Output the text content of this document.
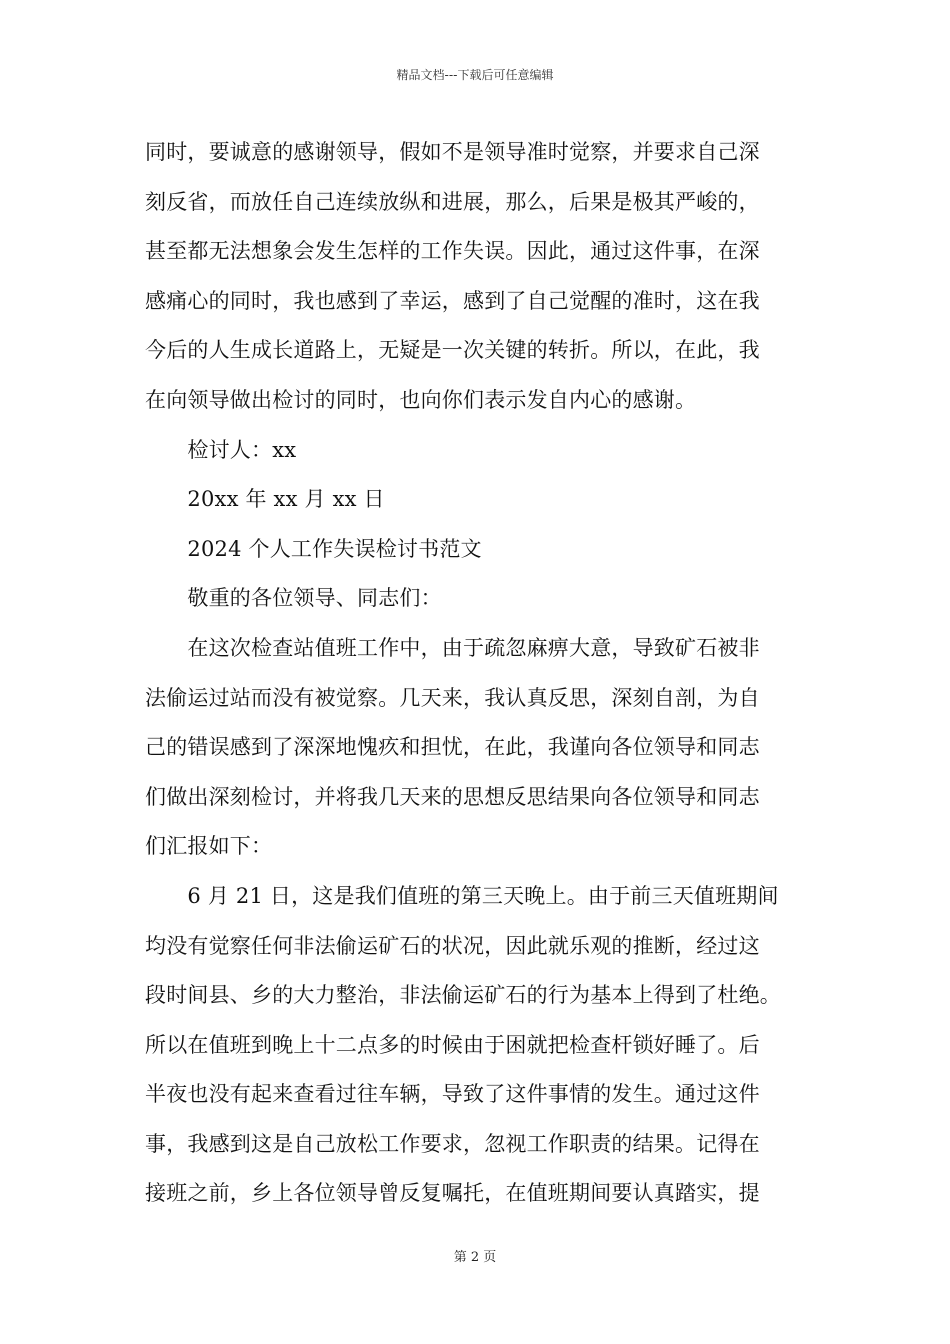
精品文档---下载后可任意编辑
同时，要诚意的感谢领导，假如不是领导准时觉察，并要求自己深
刻反省，而放任自己连续放纵和进展，那么，后果是极其严峻的，
甚至都无法想象会发生怎样的工作失误。因此，通过这件事，在深
感痛心的同时，我也感到了幸运，感到了自己觉醒的准时，这在我
今后的人生成长道路上，无疑是一次关键的转折。所以，在此，我
在向领导做出检讨的同时，也向你们表示发自内心的感谢。
　　检讨人：xx
　　20xx 年 xx 月 xx 日
　　2024 个人工作失误检讨书范文
　　敬重的各位领导、同志们：
　　在这次检查站值班工作中，由于疏忽麻痹大意，导致矿石被非
法偷运过站而没有被觉察。几天来，我认真反思，深刻自剖，为自
己的错误感到了深深地愧疚和担忧，在此，我谨向各位领导和同志
们做出深刻检讨，并将我几天来的思想反思结果向各位领导和同志
们汇报如下：
　　6 月 21 日，这是我们值班的第三天晚上。由于前三天值班期间
均没有觉察任何非法偷运矿石的状况，因此就乐观的推断，经过这
段时间县、乡的大力整治，非法偷运矿石的行为基本上得到了杜绝。
所以在值班到晚上十二点多的时候由于困就把检查杆锁好睡了。后
半夜也没有起来查看过往车辆，导致了这件事情的发生。通过这件
事，我感到这是自己放松工作要求，忽视工作职责的结果。记得在
接班之前，乡上各位领导曾反复嘱托，在值班期间要认真踏实，提
第 2 页
